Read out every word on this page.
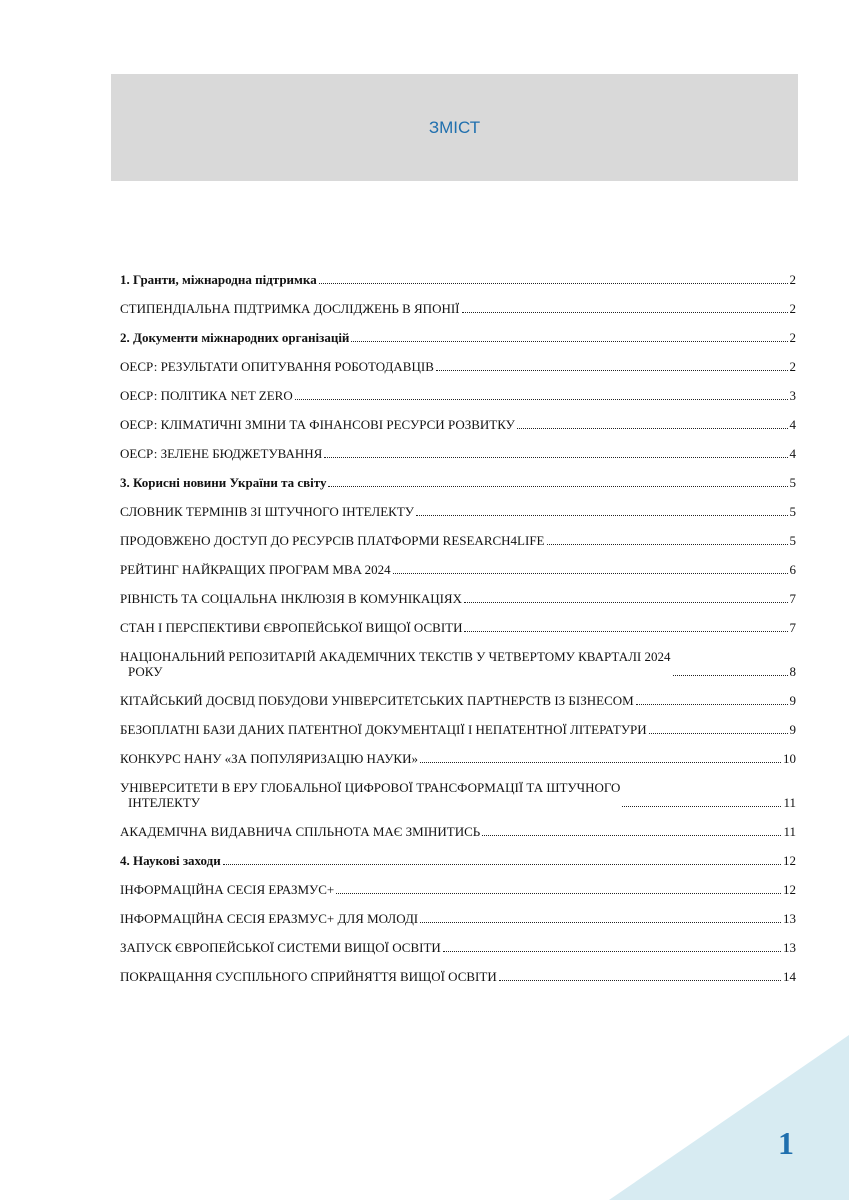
ЗМІСТ
1. Гранти, міжнародна підтримка	2
СТИПЕНДІАЛЬНА ПІДТРИМКА ДОСЛІДЖЕНЬ В ЯПОНІЇ	2
2. Документи міжнародних організацій	2
ОЕСР: РЕЗУЛЬТАТИ ОПИТУВАННЯ РОБОТОДАВЦІВ	2
ОЕСР: ПОЛІТИКА NET ZERO	3
ОЕСР: КЛІМАТИЧНІ ЗМІНИ ТА ФІНАНСОВІ РЕСУРСИ РОЗВИТКУ	4
ОЕСР: ЗЕЛЕНЕ БЮДЖЕТУВАННЯ	4
3. Корисні новини України та світу	5
СЛОВНИК ТЕРМІНІВ ЗІ ШТУЧНОГО ІНТЕЛЕКТУ	5
ПРОДОВЖЕНО ДОСТУП ДО РЕСУРСІВ ПЛАТФОРМИ RESEARCH4LIFE	5
РЕЙТИНГ НАЙКРАЩИХ ПРОГРАМ MBA 2024	6
РІВНІСТЬ ТА СОЦІАЛЬНА ІНКЛЮЗІЯ В КОМУНІКАЦІЯХ	7
СТАН І ПЕРСПЕКТИВИ ЄВРОПЕЙСЬКОЇ ВИЩОЇ ОСВІТИ	7
НАЦІОНАЛЬНИЙ РЕПОЗИТАРІЙ АКАДЕМІЧНИХ ТЕКСТІВ У ЧЕТВЕРТОМУ КВАРТАЛІ 2024
РОКУ	8
КІТАЙСЬКИЙ ДОСВІД ПОБУДОВИ УНІВЕРСИТЕТСЬКИХ ПАРТНЕРСТВ ІЗ БІЗНЕСОМ	9
БЕЗОПЛАТНІ БАЗИ ДАНИХ ПАТЕНТНОЇ ДОКУМЕНТАЦІЇ І НЕПАТЕНТНОЇ ЛІТЕРАТУРИ	9
КОНКУРС НАНУ «ЗА ПОПУЛЯРИЗАЦІЮ НАУКИ»	10
УНІВЕРСИТЕТИ В ЕРУ ГЛОБАЛЬНОЇ ЦИФРОВОЇ ТРАНСФОРМАЦІЇ ТА ШТУЧНОГО
ІНТЕЛЕКТУ	11
АКАДЕМІЧНА ВИДАВНИЧА СПІЛЬНОТА МАЄ ЗМІНИТИСЬ	11
4. Наукові заходи	12
ІНФОРМАЦІЙНА СЕСІЯ ЕРАЗМУС+	12
ІНФОРМАЦІЙНА СЕСІЯ ЕРАЗМУС+ ДЛЯ МОЛОДІ	13
ЗАПУСК ЄВРОПЕЙСЬКОЇ СИСТЕМИ ВИЩОЇ ОСВІТИ	13
ПОКРАЩАННЯ СУСПІЛЬНОГО СПРИЙНЯТТЯ ВИЩОЇ ОСВІТИ	14
1
